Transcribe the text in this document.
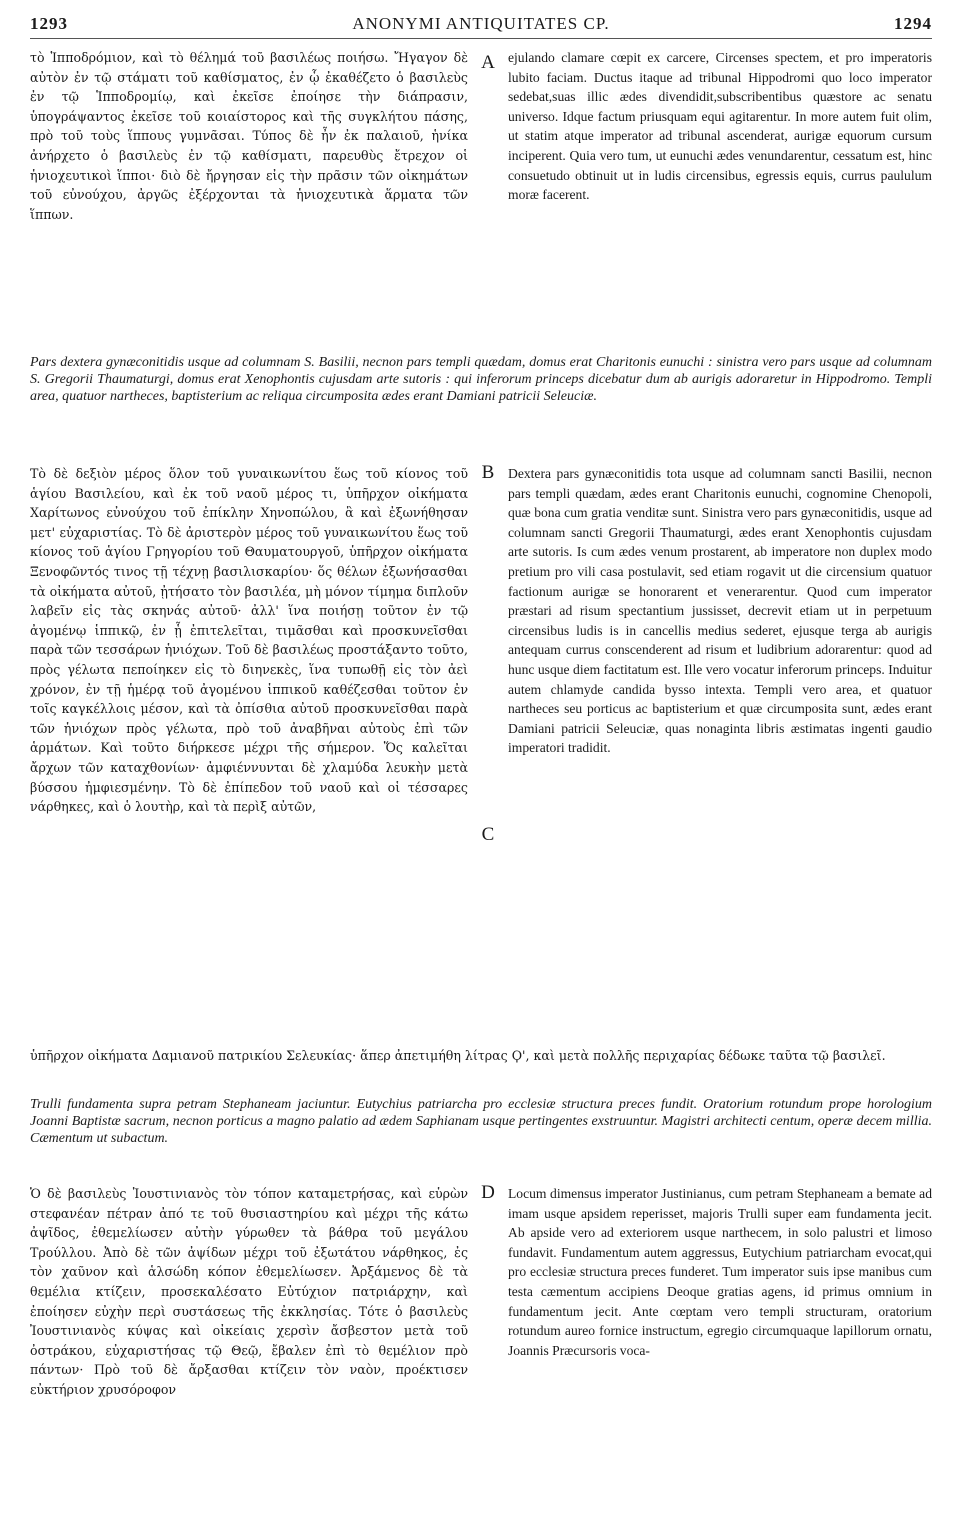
1293	ANONYMI ANTIQUITATES CP.	1294
τὸ Ἱπποδρόμιον, καὶ τὸ θέλημά τοῦ βασιλέως ποιήσω. Ἤγαγον δὲ αὐτὸν ἐν τῷ στάματι τοῦ καθίσματος, ἐν ᾧ ἐκαθέζετο ὁ βασιλεὺς ἐν τῷ Ἱπποδρομίῳ, καὶ ἐκεῖσε ἐποίησε τὴν διάπρασιν, ὑπογράψαντος ἐκεῖσε τοῦ κοιαίστορος καὶ τῆς συγκλήτου πάσης, πρὸ τοῦ τοὺς ἵππους γυμνᾶσαι. Τύπος δὲ ἦν ἐκ παλαιοῦ, ἡνίκα ἀνήρχετο ὁ βασιλεὺς ἐν τῷ καθίσματι, παρευθὺς ἔτρεχον οἱ ἡνιοχευτικοὶ ἵπποι· διὸ δὲ ἤργησαν εἰς τὴν πρᾶσιν τῶν οἰκημάτων τοῦ εὐνούχου, ἀργῶς ἐξέρχονται τὰ ἡνιοχευτικὰ ἅρματα τῶν ἵππων.
A ejulando clamare cœpit ex carcere, Circenses spectem, et pro imperatoris lubito faciam. Ductus itaque ad tribunal Hippodromi quo loco imperator sedebat,suas illic ædes divendidit,subscribentibus quæstore ac senatu universo. Idque factum priusquam equi agitarentur. In more autem fuit olim, ut statim atque imperator ad tribunal ascenderat, aurigæ equorum cursum inciperent. Quia vero tum, ut eunuchi ædes venundarentur, cessatum est, hinc consuetudo obtinuit ut in ludis circensibus, egressis equis, currus paululum moræ facerent.
Pars dextera gynæconitidis usque ad columnam S. Basilii, necnon pars templi quædam, domus erat Charitonis eunuchi : sinistra vero pars usque ad columnam S. Gregorii Thaumaturgi, domus erat Xenophontis cujusdam arte sutoris : qui inferorum princeps dicebatur dum ab aurigis adoraretur in Hippodromo. Templi area, quatuor nartheces, baptisterium ac reliqua circumposita ædes erant Damiani patricii Seleuciæ.
Τὸ δὲ δεξιὸν μέρος ὅλον τοῦ γυναικωνίτου ἕως τοῦ κίονος τοῦ ἁγίου Βασιλείου, καὶ ἐκ τοῦ ναοῦ μέρος τι, ὑπῆρχον οἰκήματα Χαρίτωνος εὐνούχου τοῦ ἐπίκλην Χηνοπώλου, ἃ καὶ ἐξωνήθησαν μετ' εὐχαριστίας. Τὸ δὲ ἀριστερὸν μέρος τοῦ γυναικωνίτου ἕως τοῦ κίονος τοῦ ἁγίου Γρηγορίου τοῦ Θαυματουργοῦ, ὑπῆρχον οἰκήματα Ξενοφῶντός τινος τῇ τέχνῃ βασιλισκαρίου· ὅς θέλων ἐξωνήσασθαι τὰ οἰκήματα αὐτοῦ, ᾐτήσατο τὸν βασιλέα, μὴ μόνον τίμημα διπλοῦν λαβεῖν εἰς τὰς σκηνάς αὐτοῦ· ἀλλ' ἵνα ποιήσῃ τοῦτον ἐν τῷ ἀγομένῳ ἱππικῷ, ἐν ᾗ ἐπιτελεῖται, τιμᾶσθαι καὶ προσκυνεῖσθαι παρὰ τῶν τεσσάρων ἡνιόχων. Τοῦ δὲ βασιλέως προστάξαντο τοῦτο, πρὸς γέλωτα πεποίηκεν εἰς τὸ διηνεκὲς, ἵνα τυπωθῇ εἰς τὸν ἀεὶ χρόνον, ἐν τῇ ἡμέρᾳ τοῦ ἀγομένου ἱππικοῦ καθέζεσθαι τοῦτον ἐν τοῖς καγκέλλοις μέσον, καὶ τὰ ὀπίσθια αὐτοῦ προσκυνεῖσθαι παρὰ τῶν ἡνιόχων πρὸς γέλωτα, πρὸ τοῦ ἀναβῆναι αὐτοὺς ἐπὶ τῶν ἁρμάτων. Καὶ τοῦτο διήρκεσε μέχρι τῆς σήμερον. Ὅς καλεῖται ἄρχων τῶν καταχθονίων· ἀμφιέννυνται δὲ χλαμύδα λευκὴν μετὰ βύσσου ἠμφιεσμένην. Τὸ δὲ ἐπίπεδον τοῦ ναοῦ καὶ οἱ τέσσαρες νάρθηκες, καὶ ὁ λουτὴρ, καὶ τὰ περὶξ αὐτῶν,
B
C
Dextera pars gynæconitidis tota usque ad columnam sancti Basilii, necnon pars templi quædam, ædes erant Charitonis eunuchi, cognomine Chenopoli, quæ bona cum gratia venditæ sunt. Sinistra vero pars gynæconitidis, usque ad columnam sancti Gregorii Thaumaturgi, ædes erant Xenophontis cujusdam arte sutoris. Is cum ædes venum prostarent, ab imperatore non duplex modo pretium pro vili casa postulavit, sed etiam rogavit ut die circensium quatuor factionum aurigæ se honorarent et venerarentur. Quod cum imperator præstari ad risum spectantium jussisset, decrevit etiam ut in perpetuum circensibus ludis is in cancellis medius sederet, ejusque terga ab aurigis antequam currus conscenderent ad risum et ludibrium adorarentur: quod ad hunc usque diem factitatum est. Ille vero vocatur inferorum princeps. Induitur autem chlamyde candida bysso intexta. Templi vero area, et quatuor nartheces seu porticus ac baptisterium et quæ circumposita sunt, ædes erant Damiani patricii Seleuciæ, quas nonaginta libris æstimatas ingenti gaudio imperatori tradidit.
ὑπῆρχον οἰκήματα Δαμιανοῦ πατρικίου Σελευκίας· ἅπερ ἀπετιμήθη λίτρας Ϙ', καὶ μετὰ πολλῆς περιχαρίας δέδωκε ταῦτα τῷ βασιλεῖ.
Trulli fundamenta supra petram Stephaneam jaciuntur. Eutychius patriarcha pro ecclesiæ structura preces fundit. Oratorium rotundum prope horologium Joanni Baptistæ sacrum, necnon porticus a magno palatio ad ædem Saphianam usque pertingentes exstruuntur. Magistri architecti centum, operæ decem millia. Cæmentum ut subactum.
Ὁ δὲ βασιλεὺς Ἰουστινιανὸς τὸν τόπον καταμετρήσας, καὶ εὑρὼν στεφανέαν πέτραν ἀπό τε τοῦ θυσιαστηρίου καὶ μέχρι τῆς κάτω ἀψῖδος, ἐθεμελίωσεν αὐτὴν γύρωθεν τὰ βάθρα τοῦ μεγάλου Τρούλλου. Ἀπὸ δὲ τῶν ἀψίδων μέχρι τοῦ ἐξωτάτου νάρθηκος, ἐς τὸν χαῦνον καὶ ἁλσώδη κόπον ἐθεμελίωσεν. Ἀρξάμενος δὲ τὰ θεμέλια κτίζειν, προσεκαλέσατο Εὐτύχιον πατριάρχην, καὶ ἐποίησεν εὐχὴν περὶ συστάσεως τῆς ἐκκλησίας. Τότε ὁ βασιλεὺς Ἰουστινιανὸς κύψας καὶ οἰκείαις χερσὶν ἄσβεστον μετὰ τοῦ ὀστράκου, εὐχαριστήσας τῷ Θεῷ, ἔβαλεν ἐπὶ τὸ θεμέλιον πρὸ πάντων· Πρὸ τοῦ δὲ ἄρξασθαι κτίζειν τὸν ναὸν, προέκτισεν εὐκτήριον χρυσόροφον
D Locum dimensus imperator Justinianus, cum petram Stephaneam a bemate ad imam usque apsidem reperisset, majoris Trulli super eam fundamenta jecit. Ab apside vero ad exteriorem usque narthecem, in solo palustri et limoso fundavit. Fundamentum autem aggressus, Eutychium patriarcham evocat,qui pro ecclesiæ structura preces funderet. Tum imperator suis ipse manibus cum testa cæmentum accipiens Deoque gratias agens, id primus omnium in fundamentum jecit. Ante cœptam vero templi structuram, oratorium rotundum aureo fornice instructum, egregio circumquaque lapillorum ornatu, Joannis Præcursoris voca-
